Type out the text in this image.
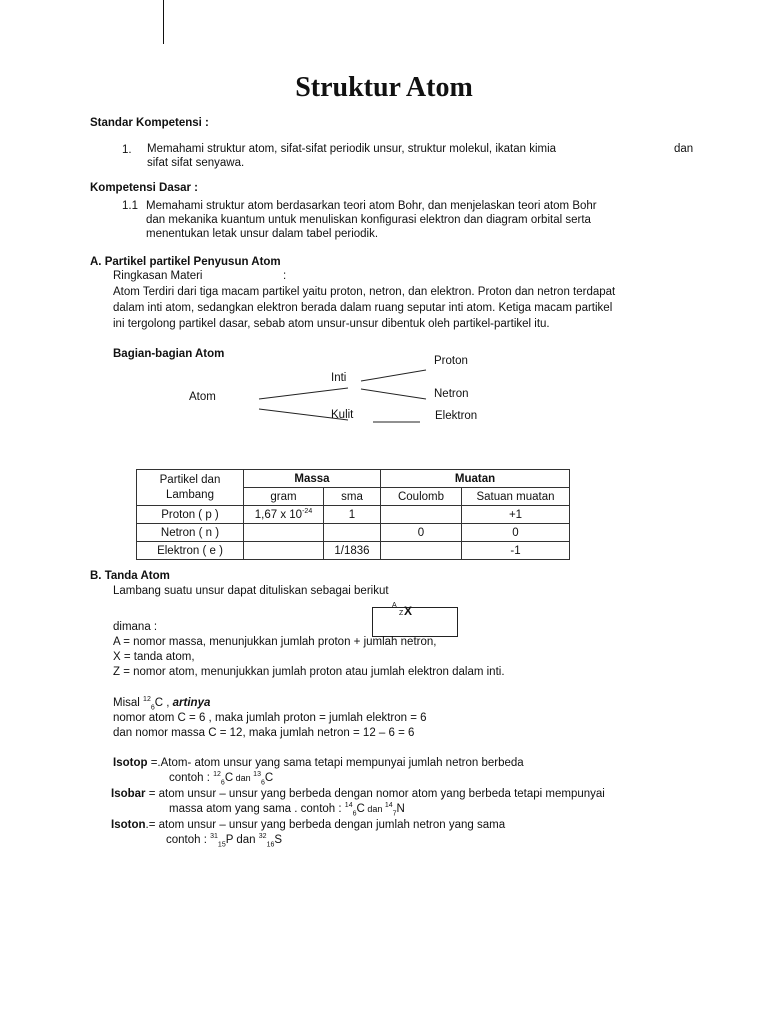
Struktur Atom
Standar Kompetensi :
1. Memahami struktur atom, sifat-sifat periodik unsur, struktur molekul, ikatan kimia	dan
sifat sifat senyawa.
Kompetensi Dasar :
1.1 Memahami struktur atom berdasarkan teori atom Bohr, dan menjelaskan teori atom Bohr
dan mekanika kuantum untuk menuliskan konfigurasi elektron dan diagram orbital serta
menentukan letak unsur dalam tabel periodik.
A. Partikel partikel Penyusun Atom
Ringkasan Materi	:
Atom Terdiri dari tiga macam partikel yaitu proton, netron, dan elektron. Proton dan netron terdapat
dalam inti atom, sedangkan elektron berada dalam ruang seputar inti atom. Ketiga macam partikel
ini tergolong partikel dasar, sebab atom unsur-unsur dibentuk oleh partikel-partikel itu.
Bagian-bagian Atom
Atom
Inti
Kulit
Proton
Netron
Elektron
Partikel dan
Lambang	Massa		Muatan	
	gram	sma	Coulomb	Satuan muatan
Proton ( p )	1,67 x $10^{-24}$	1		+1
Netron ( n )			0	0
Elektron ( e )		1/1836		-1
B. Tanda Atom
Lambang suatu unsur dapat dituliskan sebagai berikut
A
Z X
dimana :
A = nomor massa, menunjukkan jumlah proton + jumlah netron,
X = tanda atom,
Z = nomor atom, menunjukkan jumlah proton atau jumlah elektron dalam inti.
Misal $^{12}_6$C , artinya
nomor atom C = 6 , maka jumlah proton = jumlah elektron = 6
dan nomor massa C = 12, maka jumlah netron = 12 – 6 = 6
Isotop =.Atom- atom unsur yang sama tetapi mempunyai jumlah netron berbeda
contoh : $^{12}_6$C dan $^{13}_6$C
Isobar = atom unsur – unsur yang berbeda dengan nomor atom yang berbeda tetapi mempunyai
massa atom yang sama . contoh : $^{14}_6$C dan $^{14}_7$N
Isoton.= atom unsur – unsur yang berbeda dengan jumlah netron yang sama
contoh : $^{31}_{15}$P dan $^{32}_{16}$S
